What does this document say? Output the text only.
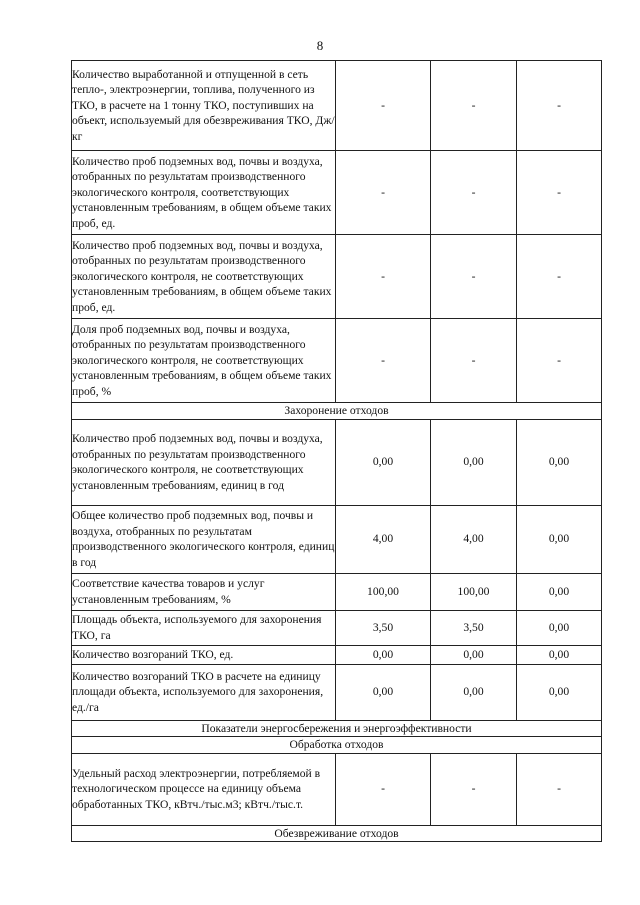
8
Количество выработанной и отпущенной в сеть тепло-, электроэнергии, топлива, полученного из ТКО, в расчете на 1 тонну ТКО, поступивших на объект, используемый для обезвреживания ТКО, Дж/кг	-	-	-
Количество проб подземных вод, почвы и воздуха, отобранных по результатам производственного экологического контроля, соответствующих установленным требованиям, в общем объеме таких проб, ед.	-	-	-
Количество проб подземных вод, почвы и воздуха, отобранных по результатам производственного экологического контроля, не соответствующих установленным требованиям, в общем объеме таких проб, ед.	-	-	-
Доля проб подземных вод, почвы и воздуха, отобранных по результатам производственного экологического контроля, не соответствующих установленным требованиям, в общем объеме таких проб, %	-	-	-
Захоронение отходов			
Количество проб подземных вод, почвы и воздуха, отобранных по результатам производственного экологического контроля, не соответствующих установленным требованиям, единиц в год	0,00	0,00	0,00
Общее количество проб подземных вод, почвы и воздуха, отобранных по результатам производственного экологического контроля, единиц в год	4,00	4,00	0,00
Соответствие качества товаров и услуг установленным требованиям, %	100,00	100,00	0,00
Площадь объекта, используемого для захоронения ТКО, га	3,50	3,50	0,00
Количество возгораний ТКО, ед.	0,00	0,00	0,00
Количество возгораний ТКО в расчете на единицу площади объекта, используемого для захоронения, ед./га	0,00	0,00	0,00
Показатели энергосбережения и энергоэффективности			
Обработка отходов			
Удельный расход электроэнергии, потребляемой в технологическом процессе на единицу объема обработанных ТКО, кВтч./тыс.м3; кВтч./тыс.т.	-	-	-
Обезвреживание отходов			
